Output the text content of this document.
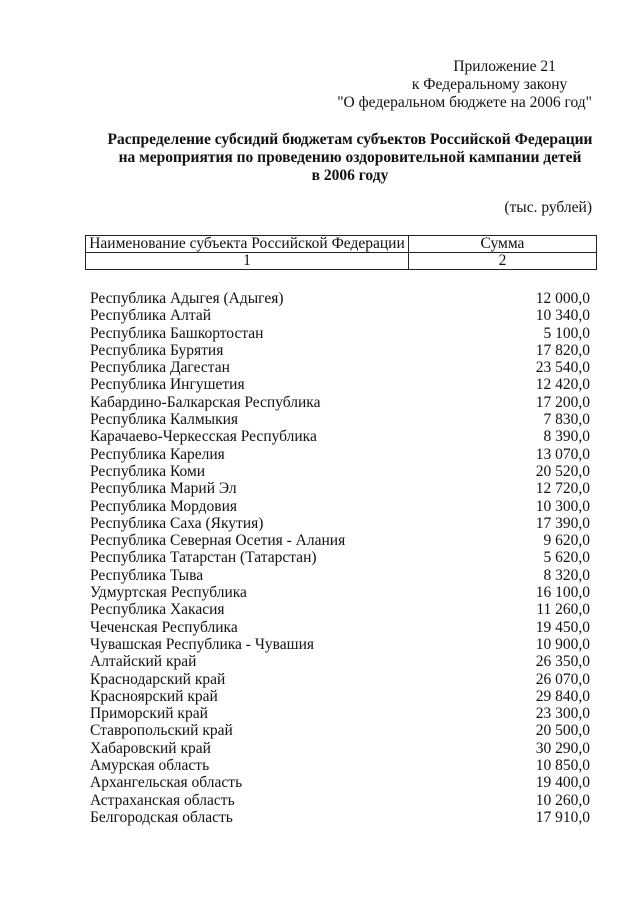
Приложение 21
к Федеральному закону
"О федеральном бюджете на 2006 год"
Распределение субсидий бюджетам субъектов Российской Федерации
на мероприятия по проведению оздоровительной кампании детей
в 2006 году
(тыс. рублей)
Наименование субъекта Российской Федерации	Сумма
1	2
Республика Адыгея (Адыгея)	12 000,0
Республика Алтай	10 340,0
Республика Башкортостан	5 100,0
Республика Бурятия	17 820,0
Республика Дагестан	23 540,0
Республика Ингушетия	12 420,0
Кабардино-Балкарская Республика	17 200,0
Республика Калмыкия	7 830,0
Карачаево-Черкесская Республика	8 390,0
Республика Карелия	13 070,0
Республика Коми	20 520,0
Республика Марий Эл	12 720,0
Республика Мордовия	10 300,0
Республика Саха (Якутия)	17 390,0
Республика Северная Осетия - Алания	9 620,0
Республика Татарстан (Татарстан)	5 620,0
Республика Тыва	8 320,0
Удмуртская Республика	16 100,0
Республика Хакасия	11 260,0
Чеченская Республика	19 450,0
Чувашская Республика - Чувашия	10 900,0
Алтайский край	26 350,0
Краснодарский край	26 070,0
Красноярский край	29 840,0
Приморский край	23 300,0
Ставропольский край	20 500,0
Хабаровский край	30 290,0
Амурская область	10 850,0
Архангельская область	19 400,0
Астраханская область	10 260,0
Белгородская область	17 910,0
